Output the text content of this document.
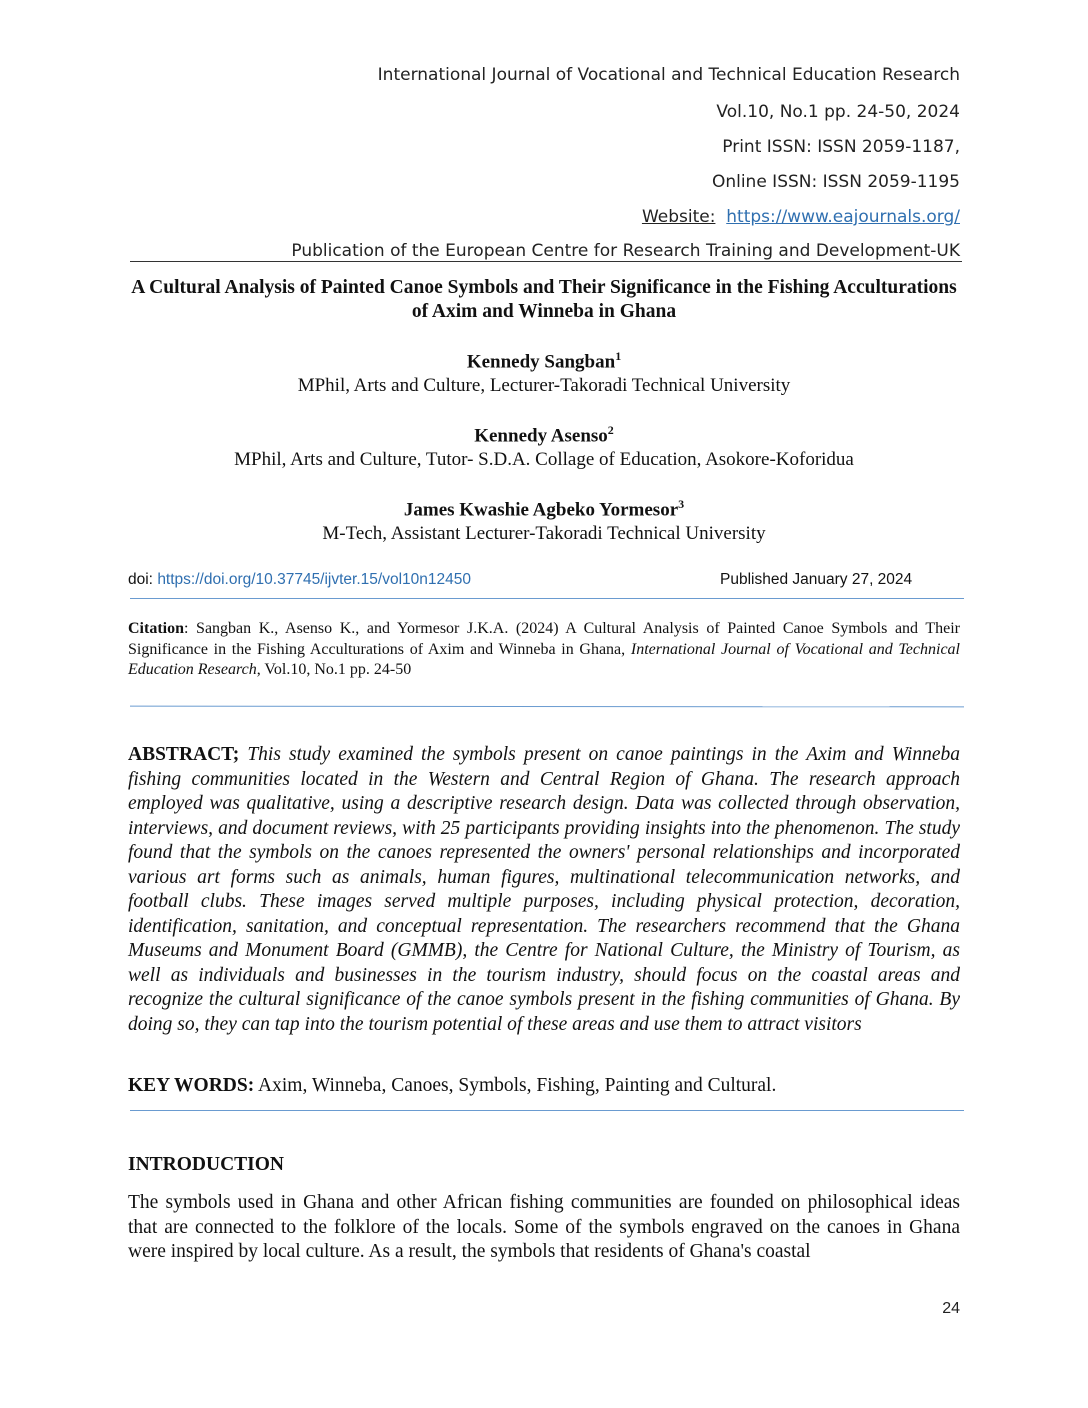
International Journal of Vocational and Technical Education Research
Vol.10, No.1 pp. 24-50, 2024
Print ISSN: ISSN 2059-1187,
Online ISSN: ISSN 2059-1195
Website: https://www.eajournals.org/
Publication of the European Centre for Research Training and Development-UK
A Cultural Analysis of Painted Canoe Symbols and Their Significance in the Fishing Acculturations of Axim and Winneba in Ghana
Kennedy Sangban$^1$
MPhil, Arts and Culture, Lecturer-Takoradi Technical University
Kennedy Asenso$^2$
MPhil, Arts and Culture, Tutor- S.D.A. Collage of Education, Asokore-Koforidua
James Kwashie Agbeko Yormesor$^3$
M-Tech, Assistant Lecturer-Takoradi Technical University
doi: https://doi.org/10.37745/ijvter.15/vol10n12450	Published January 27, 2024
Citation: Sangban K., Asenso K., and Yormesor J.K.A. (2024) A Cultural Analysis of Painted Canoe Symbols and Their Significance in the Fishing Acculturations of Axim and Winneba in Ghana, International Journal of Vocational and Technical Education Research, Vol.10, No.1 pp. 24-50
ABSTRACT; This study examined the symbols present on canoe paintings in the Axim and Winneba fishing communities located in the Western and Central Region of Ghana. The research approach employed was qualitative, using a descriptive research design. Data was collected through observation, interviews, and document reviews, with 25 participants providing insights into the phenomenon. The study found that the symbols on the canoes represented the owners' personal relationships and incorporated various art forms such as animals, human figures, multinational telecommunication networks, and football clubs. These images served multiple purposes, including physical protection, decoration, identification, sanitation, and conceptual representation. The researchers recommend that the Ghana Museums and Monument Board (GMMB), the Centre for National Culture, the Ministry of Tourism, as well as individuals and businesses in the tourism industry, should focus on the coastal areas and recognize the cultural significance of the canoe symbols present in the fishing communities of Ghana. By doing so, they can tap into the tourism potential of these areas and use them to attract visitors
KEY WORDS: Axim, Winneba, Canoes, Symbols, Fishing, Painting and Cultural.
INTRODUCTION
The symbols used in Ghana and other African fishing communities are founded on philosophical ideas that are connected to the folklore of the locals. Some of the symbols engraved on the canoes in Ghana were inspired by local culture. As a result, the symbols that residents of Ghana's coastal
24
